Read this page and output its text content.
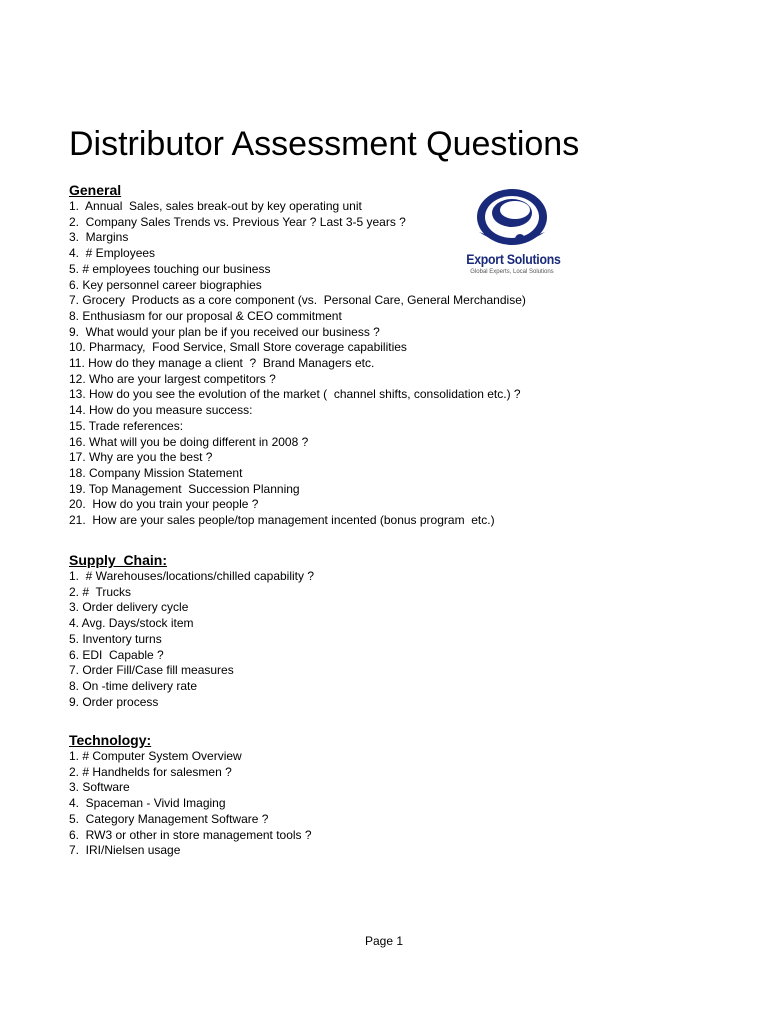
Distributor Assessment Questions
Export Solutions
Global Experts, Local Solutions
General
1.  Annual  Sales, sales break-out by key operating unit
2.  Company Sales Trends vs. Previous Year ? Last 3-5 years ?
3.  Margins
4.  # Employees
5. # employees touching our business
6. Key personnel career biographies
7. Grocery  Products as a core component (vs.  Personal Care, General Merchandise)
8. Enthusiasm for our proposal & CEO commitment
9.  What would your plan be if you received our business ?
10. Pharmacy,  Food Service, Small Store coverage capabilities
11. How do they manage a client  ?  Brand Managers etc.
12. Who are your largest competitors ?
13. How do you see the evolution of the market (  channel shifts, consolidation etc.) ?
14. How do you measure success:
15. Trade references:
16. What will you be doing different in 2008 ?
17. Why are you the best ?
18. Company Mission Statement
19. Top Management  Succession Planning
20.  How do you train your people ?
21.  How are your sales people/top management incented (bonus program  etc.)
Supply  Chain:
1.  # Warehouses/locations/chilled capability ?
2. #  Trucks
3. Order delivery cycle
4. Avg. Days/stock item
5. Inventory turns
6. EDI  Capable ?
7. Order Fill/Case fill measures
8. On -time delivery rate
9. Order process
Technology:
1. # Computer System Overview
2. # Handhelds for salesmen ?
3. Software
4.  Spaceman - Vivid Imaging
5.  Category Management Software ?
6.  RW3 or other in store management tools ?
7.  IRI/Nielsen usage
Page 1
